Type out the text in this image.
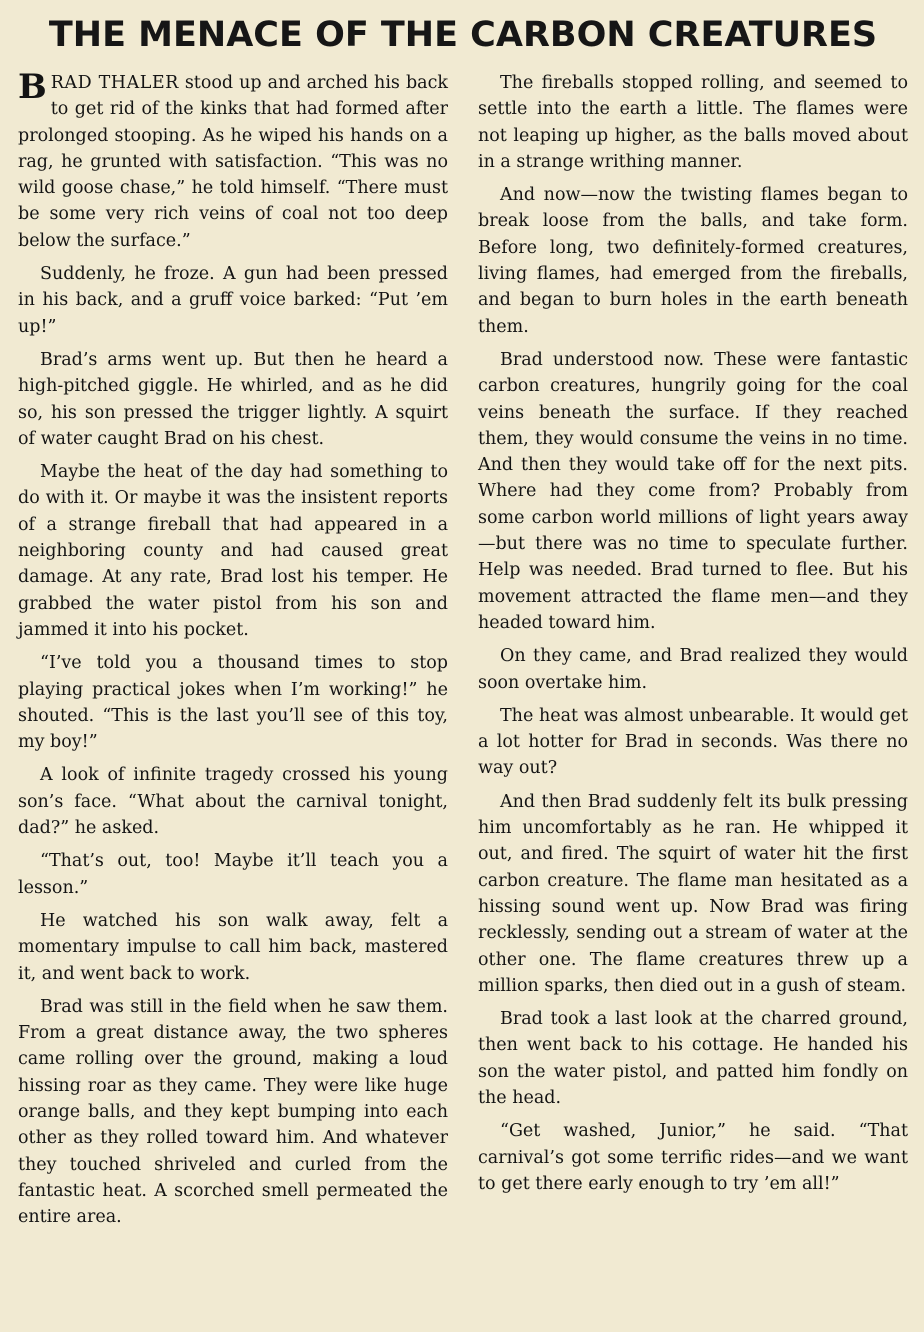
THE MENACE OF THE CARBON CREATURES

BRAD THALER stood up and arched his back to get rid of the kinks that had formed after prolonged stooping. As he wiped his hands on a rag, he grunted with satisfaction. “This was no wild goose chase,” he told himself. “There must be some very rich veins of coal not too deep below the surface.”

Suddenly, he froze. A gun had been pressed in his back, and a gruff voice barked: “Put ’em up!”

Brad’s arms went up. But then he heard a high-pitched giggle. He whirled, and as he did so, his son pressed the trigger lightly. A squirt of water caught Brad on his chest.

Maybe the heat of the day had something to do with it. Or maybe it was the insistent reports of a strange fireball that had appeared in a neighboring county and had caused great damage. At any rate, Brad lost his temper. He grabbed the water pistol from his son and jammed it into his pocket.

“I’ve told you a thousand times to stop playing practical jokes when I’m working!” he shouted. “This is the last you’ll see of this toy, my boy!”

A look of infinite tragedy crossed his young son’s face. “What about the carnival tonight, dad?” he asked.

“That’s out, too! Maybe it’ll teach you a lesson.”

He watched his son walk away, felt a momentary impulse to call him back, mastered it, and went back to work.

Brad was still in the field when he saw them. From a great distance away, the two spheres came rolling over the ground, making a loud hissing roar as they came. They were like huge orange balls, and they kept bumping into each other as they rolled toward him. And whatever they touched shriveled and curled from the fantastic heat. A scorched smell permeated the entire area.

The fireballs stopped rolling, and seemed to settle into the earth a little. The flames were not leaping up higher, as the balls moved about in a strange writhing manner.

And now—now the twisting flames began to break loose from the balls, and take form. Before long, two definitely-formed creatures, living flames, had emerged from the fireballs, and began to burn holes in the earth beneath them.

Brad understood now. These were fantastic carbon creatures, hungrily going for the coal veins beneath the surface. If they reached them, they would consume the veins in no time. And then they would take off for the next pits. Where had they come from? Probably from some carbon world millions of light years away—but there was no time to speculate further. Help was needed. Brad turned to flee. But his movement attracted the flame men—and they headed toward him.

On they came, and Brad realized they would soon overtake him.

The heat was almost unbearable. It would get a lot hotter for Brad in seconds. Was there no way out?

And then Brad suddenly felt its bulk pressing him uncomfortably as he ran. He whipped it out, and fired. The squirt of water hit the first carbon creature. The flame man hesitated as a hissing sound went up. Now Brad was firing recklessly, sending out a stream of water at the other one. The flame creatures threw up a million sparks, then died out in a gush of steam.

Brad took a last look at the charred ground, then went back to his cottage. He handed his son the water pistol, and patted him fondly on the head.

“Get washed, Junior,” he said. “That carnival’s got some terrific rides—and we want to get there early enough to try ’em all!”
